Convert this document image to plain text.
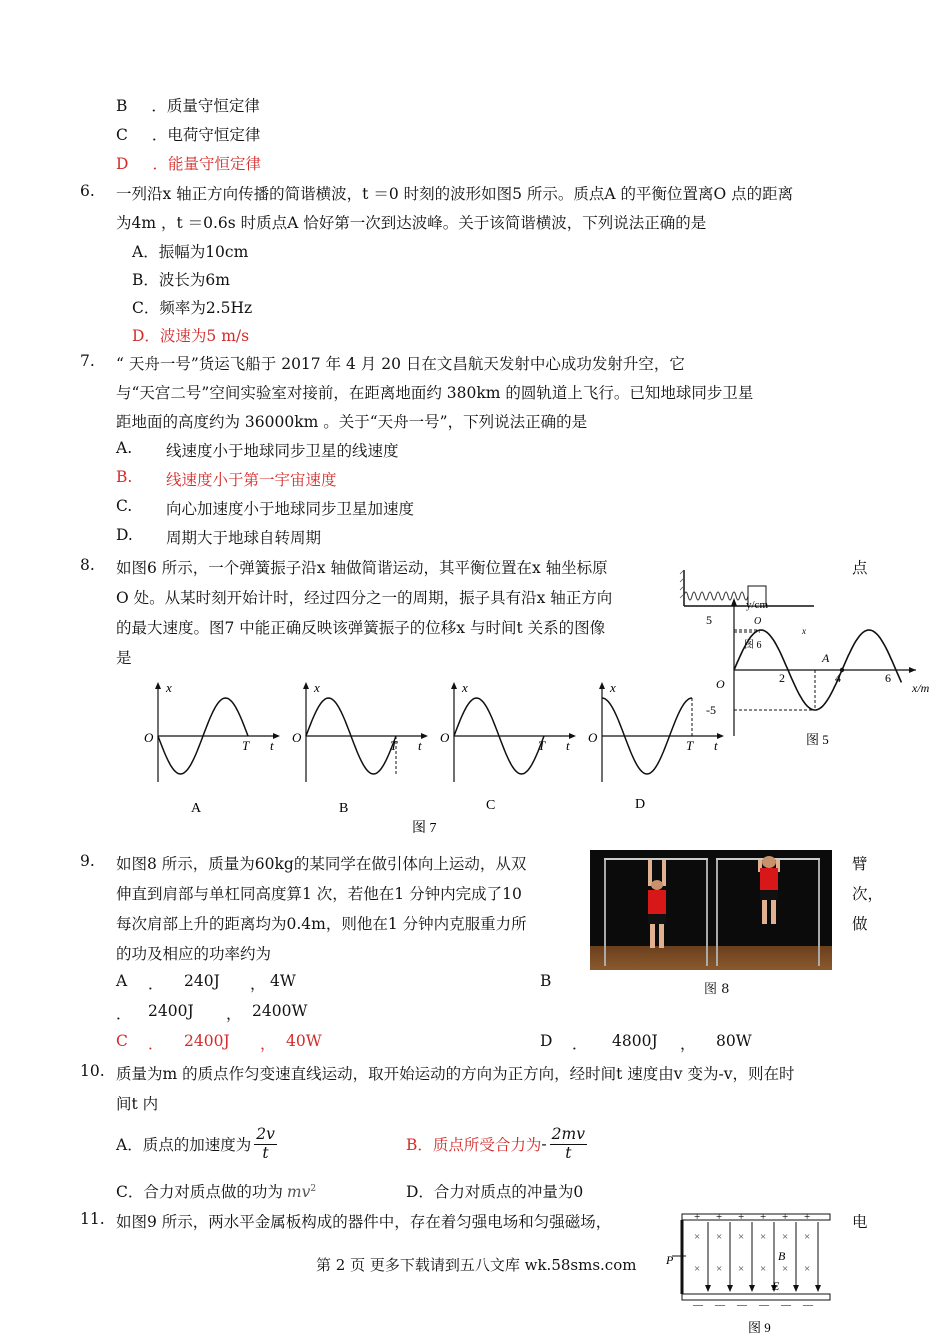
B ．质量守恒定律
C ．电荷守恒定律
D ．能量守恒定律
6. 一列沿x 轴正方向传播的简谐横波，t ＝0 时刻的波形如图5 所示。质点A 的平衡位置离O 点的距离
为4m ，t ＝0.6s 时质点A 恰好第一次到达波峰。关于该简谐横波，下列说法正确的是
A．振幅为10cm
B．波长为6m
C．频率为2.5Hz
D．波速为5 m/s
7. “ 天舟一号”货运飞船于 2017 年 4 月 20 日在文昌航天发射中心成功发射升空，它
与“天宫二号”空间实验室对接前，在距离地面约 380km 的圆轨道上飞行。已知地球同步卫星
距地面的高度约为 36000km 。关于“天舟一号”，下列说法正确的是
A. 线速度小于地球同步卫星的线速度
B. 线速度小于第一宇宙速度
C. 向心加速度小于地球同步卫星加速度
D. 周期大于地球自转周期
8. 如图6 所示，一个弹簧振子沿x 轴做简谐运动，其平衡位置在x 轴坐标原	点
O 处。从某时刻开始计时，经过四分之一的周期，振子具有沿x 轴正方向
的最大速度。图7 中能正确反映该弹簧振子的位移x 与时间t 关系的图像
是
O
x
图 6
5
-5
O	2	4	6
A
y/cm
x/m
图 5
O
x
T t
O
x
T t
O
x
T t
O
x
T t
A	B	C	D
图 7
9. 如图8 所示，质量为60kg的某同学在做引体向上运动，从双	臂
伸直到肩部与单杠同高度算1 次，若他在1 分钟内完成了10	次，
每次肩部上升的距离均为0.4m，则他在1 分钟内克服重力所	做
的功及相应的功率约为
图 8
A ． 240J ， 4W	B
． 2400J ， 2400W
C ． 2400J ， 40W	D ． 4800J ， 80W
10. 质量为m 的质点作匀变速直线运动，取开始运动的方向为正方向，经时间t 速度由v 变为-v，则在时
间t 内
A．质点的加速度为 $\frac{2v}{t}$	B．质点所受合力为 - $\frac{2mv}{t}$
C．合力对质点做的功为 $mv^2$	D．合力对质点的冲量为0
11. 如图9 所示，两水平金属板构成的器件中，存在着匀强电场和匀强磁场，	电
+
—
×
×
+
—
×
×
+
—
×
×
+
—
×
×
+
—
×
×
+
—
×
×
P	B
E
图 9
第 2 页 更多下载请到五八文库 wk.58sms.com
